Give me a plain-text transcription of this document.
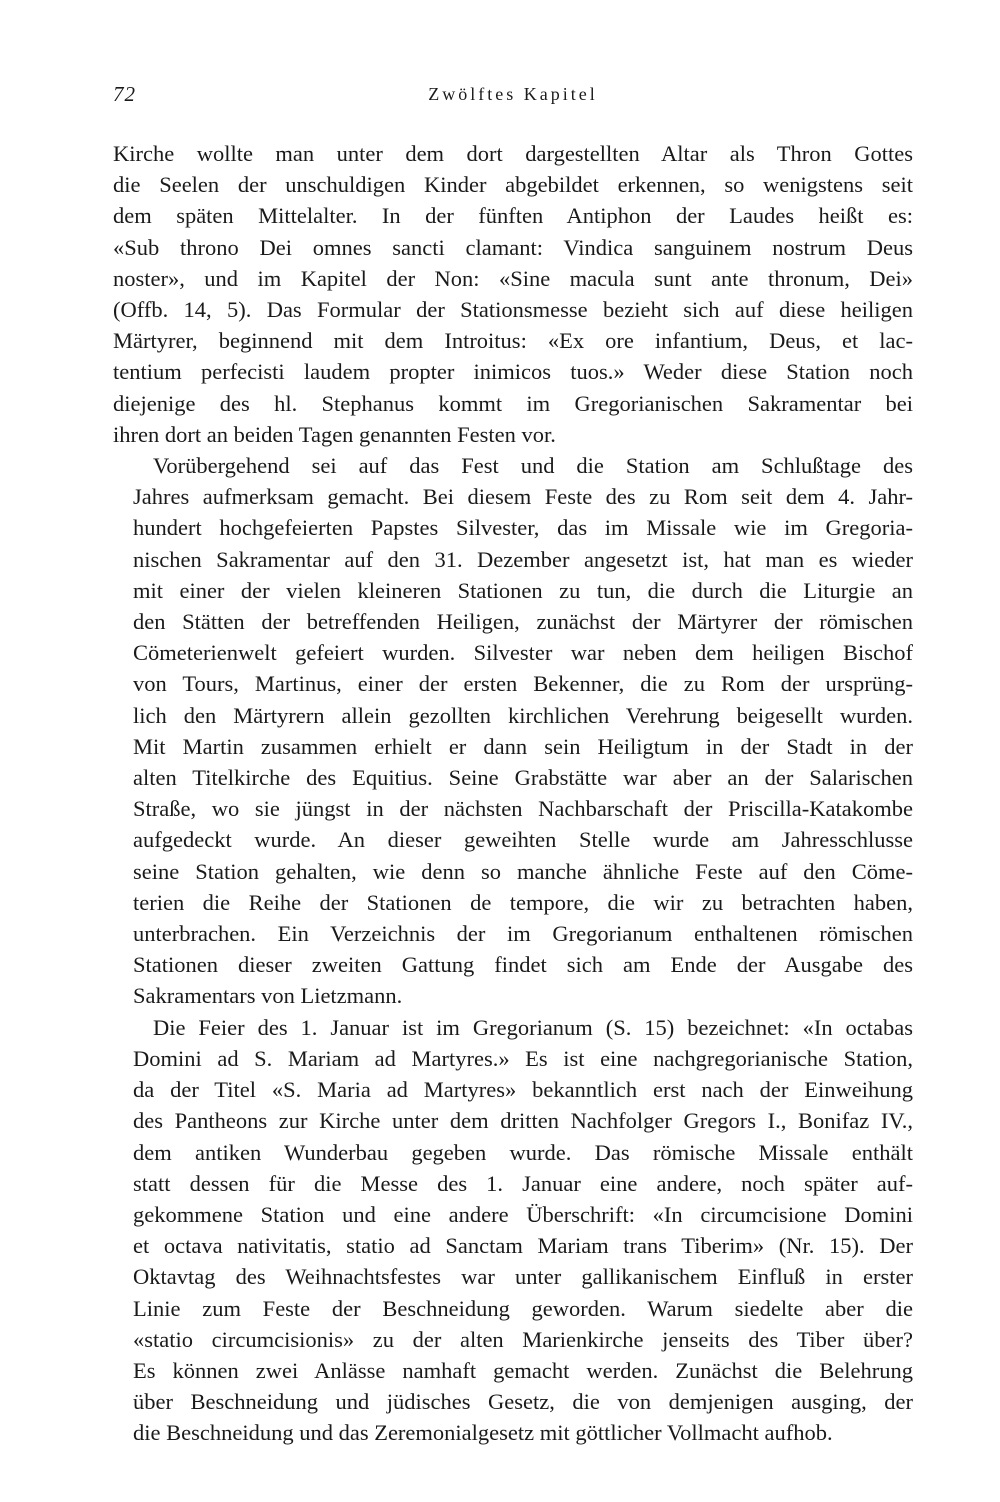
72	Zwölftes Kapitel

Kirche wollte man unter dem dort dargestellten Altar als Thron Gottes
die Seelen der unschuldigen Kinder abgebildet erkennen, so wenigstens seit
dem späten Mittelalter. In der fünften Antiphon der Laudes heißt es:
«Sub throno Dei omnes sancti clamant: Vindica sanguinem nostrum Deus
noster», und im Kapitel der Non: «Sine macula sunt ante thronum, Dei»
(Offb. 14, 5). Das Formular der Stationsmesse bezieht sich auf diese heiligen
Märtyrer, beginnend mit dem Introitus: «Ex ore infantium, Deus, et lac-
tentium perfecisti laudem propter inimicos tuos.» Weder diese Station noch
diejenige des hl. Stephanus kommt im Gregorianischen Sakramentar bei
ihren dort an beiden Tagen genannten Festen vor.

Vorübergehend sei auf das Fest und die Station am Schlußtage des
Jahres aufmerksam gemacht. Bei diesem Feste des zu Rom seit dem 4. Jahr-
hundert hochgefeierten Papstes Silvester, das im Missale wie im Gregoria-
nischen Sakramentar auf den 31. Dezember angesetzt ist, hat man es wieder
mit einer der vielen kleineren Stationen zu tun, die durch die Liturgie an
den Stätten der betreffenden Heiligen, zunächst der Märtyrer der römischen
Cömeterienwelt gefeiert wurden. Silvester war neben dem heiligen Bischof
von Tours, Martinus, einer der ersten Bekenner, die zu Rom der ursprüng-
lich den Märtyrern allein gezollten kirchlichen Verehrung beigesellt wurden.
Mit Martin zusammen erhielt er dann sein Heiligtum in der Stadt in der
alten Titelkirche des Equitius. Seine Grabstätte war aber an der Salarischen
Straße, wo sie jüngst in der nächsten Nachbarschaft der Priscilla-Katakombe
aufgedeckt wurde. An dieser geweihten Stelle wurde am Jahresschlusse
seine Station gehalten, wie denn so manche ähnliche Feste auf den Cöme-
terien die Reihe der Stationen de tempore, die wir zu betrachten haben,
unterbrachen. Ein Verzeichnis der im Gregorianum enthaltenen römischen
Stationen dieser zweiten Gattung findet sich am Ende der Ausgabe des
Sakramentars von Lietzmann.

Die Feier des 1. Januar ist im Gregorianum (S. 15) bezeichnet: «In octabas
Domini ad S. Mariam ad Martyres.» Es ist eine nachgregorianische Station,
da der Titel «S. Maria ad Martyres» bekanntlich erst nach der Einweihung
des Pantheons zur Kirche unter dem dritten Nachfolger Gregors I., Bonifaz IV.,
dem antiken Wunderbau gegeben wurde. Das römische Missale enthält
statt dessen für die Messe des 1. Januar eine andere, noch später auf-
gekommene Station und eine andere Überschrift: «In circumcisione Domini
et octava nativitatis, statio ad Sanctam Mariam trans Tiberim» (Nr. 15). Der
Oktavtag des Weihnachtsfestes war unter gallikanischem Einfluß in erster
Linie zum Feste der Beschneidung geworden. Warum siedelte aber die
«statio circumcisionis» zu der alten Marienkirche jenseits des Tiber über?
Es können zwei Anlässe namhaft gemacht werden. Zunächst die Belehrung
über Beschneidung und jüdisches Gesetz, die von demjenigen ausging, der
die Beschneidung und das Zeremonialgesetz mit göttlicher Vollmacht aufhob.
